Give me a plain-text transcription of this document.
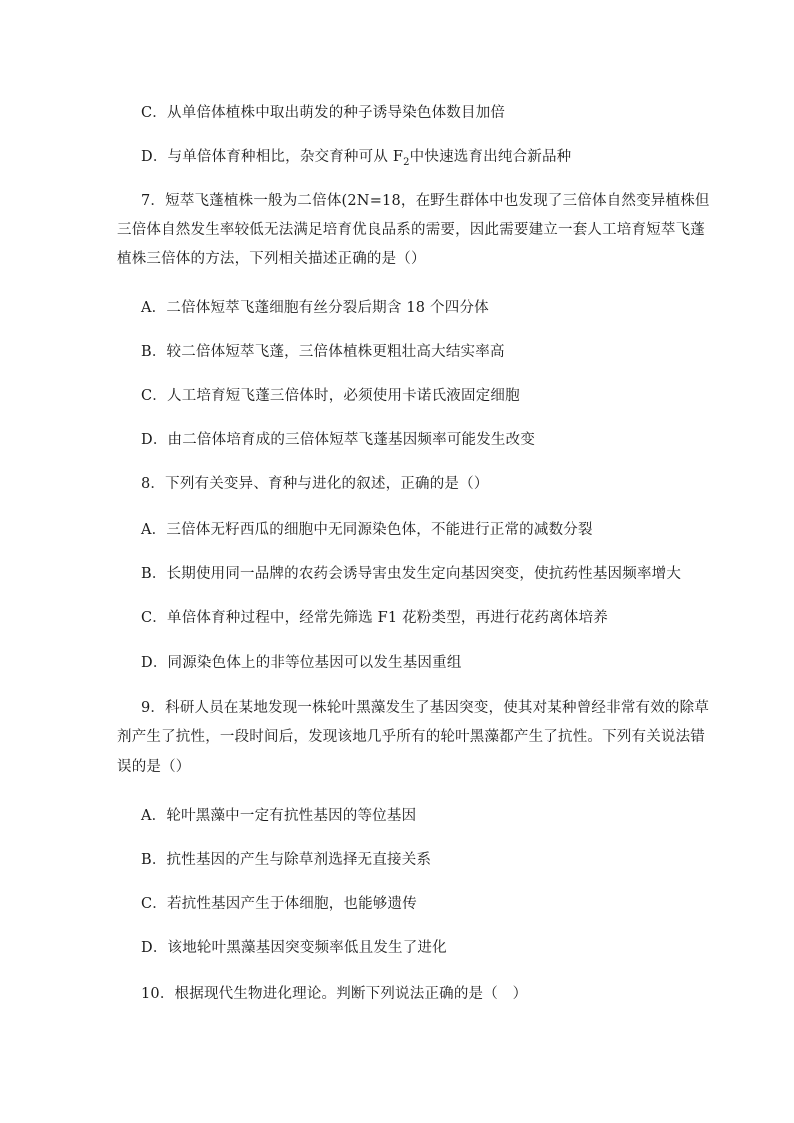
C．从单倍体植株中取出萌发的种子诱导染色体数目加倍
D．与单倍体育种相比，杂交育种可从 $F_2$中快速选育出纯合新品种
7．短萃飞蓬植株一般为二倍体(2N=18，在野生群体中也发现了三倍体自然变异植株但
三倍体自然发生率较低无法满足培育优良品系的需要，因此需要建立一套人工培育短萃飞蓬
植株三倍体的方法，下列相关描述正确的是（）
A．二倍体短萃飞蓬细胞有丝分裂后期含 18 个四分体
B．较二倍体短萃飞蓬，三倍体植株更粗壮高大结实率高
C．人工培育短飞蓬三倍体时，必须使用卡诺氏液固定细胞
D．由二倍体培育成的三倍体短萃飞蓬基因频率可能发生改变
8．下列有关变异、育种与进化的叙述，正确的是（）
A．三倍体无籽西瓜的细胞中无同源染色体，不能进行正常的减数分裂
B．长期使用同一品牌的农药会诱导害虫发生定向基因突变，使抗药性基因频率增大
C．单倍体育种过程中，经常先筛选 F1 花粉类型，再进行花药离体培养
D．同源染色体上的非等位基因可以发生基因重组
9．科研人员在某地发现一株轮叶黑藻发生了基因突变，使其对某种曾经非常有效的除草
剂产生了抗性，一段时间后，发现该地几乎所有的轮叶黑藻都产生了抗性。下列有关说法错
误的是（）
A．轮叶黑藻中一定有抗性基因的等位基因
B．抗性基因的产生与除草剂选择无直接关系
C．若抗性基因产生于体细胞，也能够遗传
D．该地轮叶黑藻基因突变频率低且发生了进化
10．根据现代生物进化理论。判断下列说法正确的是（　）
